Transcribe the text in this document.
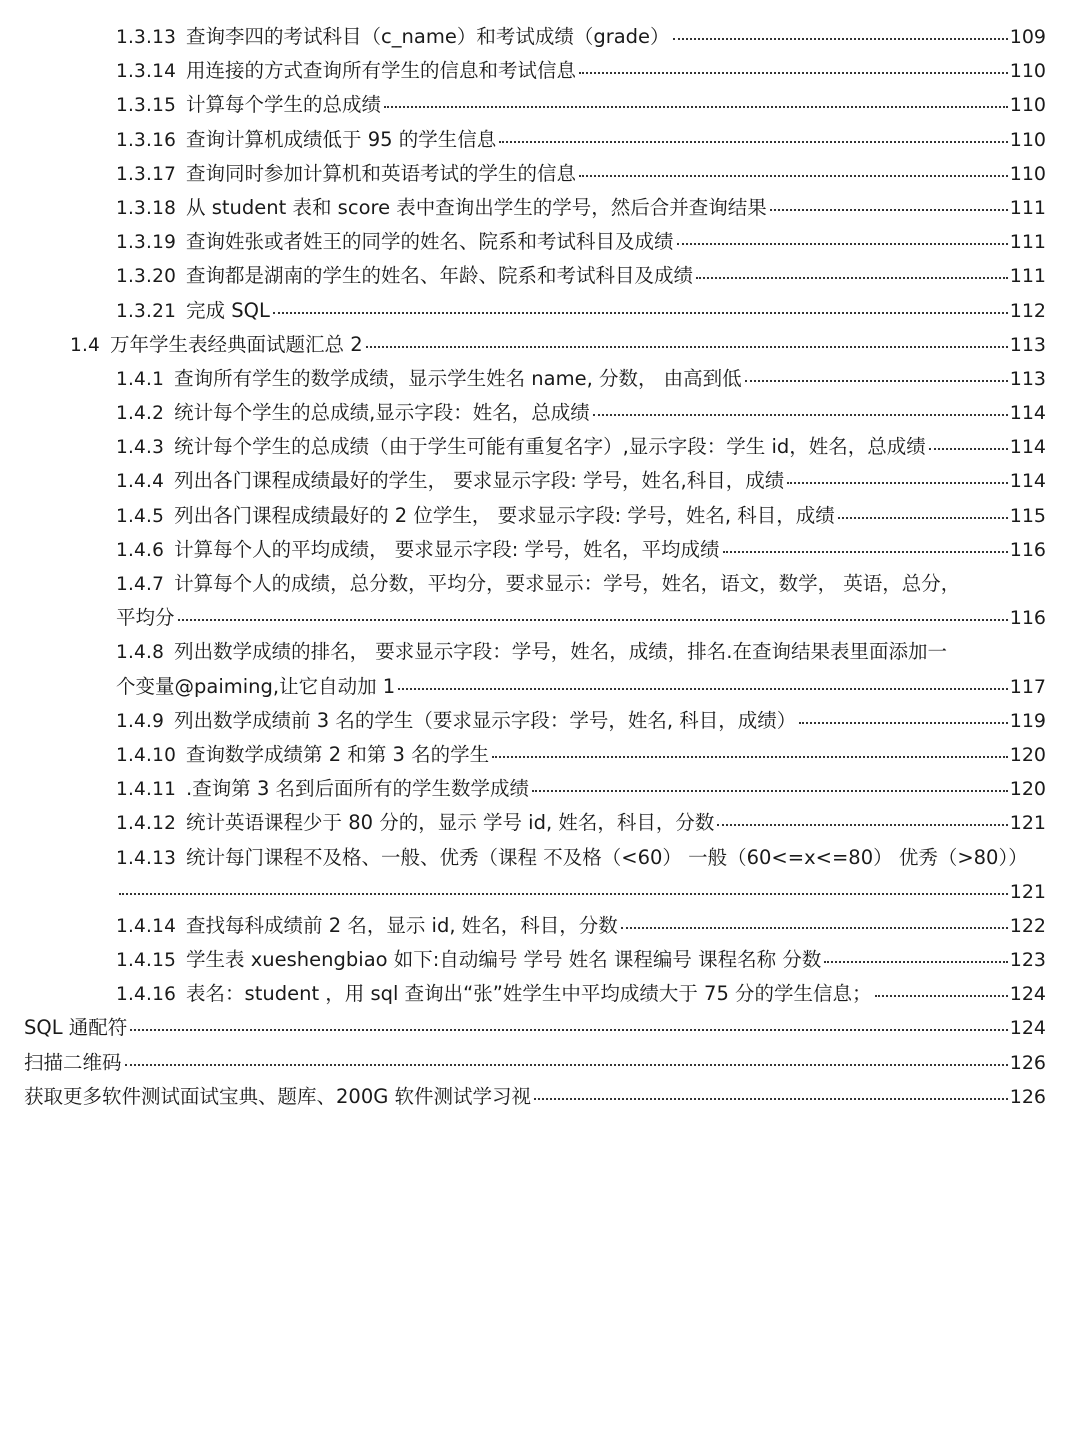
1.3.13 查询李四的考试科目（c_name）和考试成绩（grade）	109
1.3.14 用连接的方式查询所有学生的信息和考试信息	110
1.3.15 计算每个学生的总成绩	110
1.3.16 查询计算机成绩低于 95 的学生信息	110
1.3.17 查询同时参加计算机和英语考试的学生的信息	110
1.3.18 从 student 表和 score 表中查询出学生的学号，然后合并查询结果	111
1.3.19 查询姓张或者姓王的同学的姓名、院系和考试科目及成绩	111
1.3.20 查询都是湖南的学生的姓名、年龄、院系和考试科目及成绩	111
1.3.21 完成 SQL	112
1.4 万年学生表经典面试题汇总 2	113
1.4.1 查询所有学生的数学成绩，显示学生姓名 name, 分数， 由高到低	113
1.4.2 统计每个学生的总成绩,显示字段：姓名，总成绩	114
1.4.3 统计每个学生的总成绩（由于学生可能有重复名字）,显示字段：学生 id，姓名，总成绩	114
1.4.4 列出各门课程成绩最好的学生， 要求显示字段: 学号，姓名,科目，成绩	114
1.4.5 列出各门课程成绩最好的 2 位学生， 要求显示字段: 学号，姓名, 科目，成绩	115
1.4.6 计算每个人的平均成绩， 要求显示字段: 学号，姓名，平均成绩	116
1.4.7 计算每个人的成绩，总分数，平均分，要求显示：学号，姓名，语文，数学， 英语，总分，
平均分	116
1.4.8 列出数学成绩的排名， 要求显示字段：学号，姓名，成绩，排名.在查询结果表里面添加一
个变量@paiming,让它自动加 1	117
1.4.9 列出数学成绩前 3 名的学生（要求显示字段：学号，姓名, 科目，成绩）	119
1.4.10 查询数学成绩第 2 和第 3 名的学生	120
1.4.11 .查询第 3 名到后面所有的学生数学成绩	120
1.4.12 统计英语课程少于 80 分的，显示 学号 id, 姓名，科目，分数	121
1.4.13 统计每门课程不及格、一般、优秀（课程 不及格（<60） 一般（60<=x<=80） 优秀（>80））
121
1.4.14 查找每科成绩前 2 名，显示 id, 姓名，科目，分数	122
1.4.15 学生表 xueshengbiao 如下:自动编号 学号 姓名 课程编号 课程名称 分数	123
1.4.16 表名：student ，用 sql 查询出“张”姓学生中平均成绩大于 75 分的学生信息；	124
SQL 通配符	124
扫描二维码	126
获取更多软件测试面试宝典、题库、200G 软件测试学习视	126
